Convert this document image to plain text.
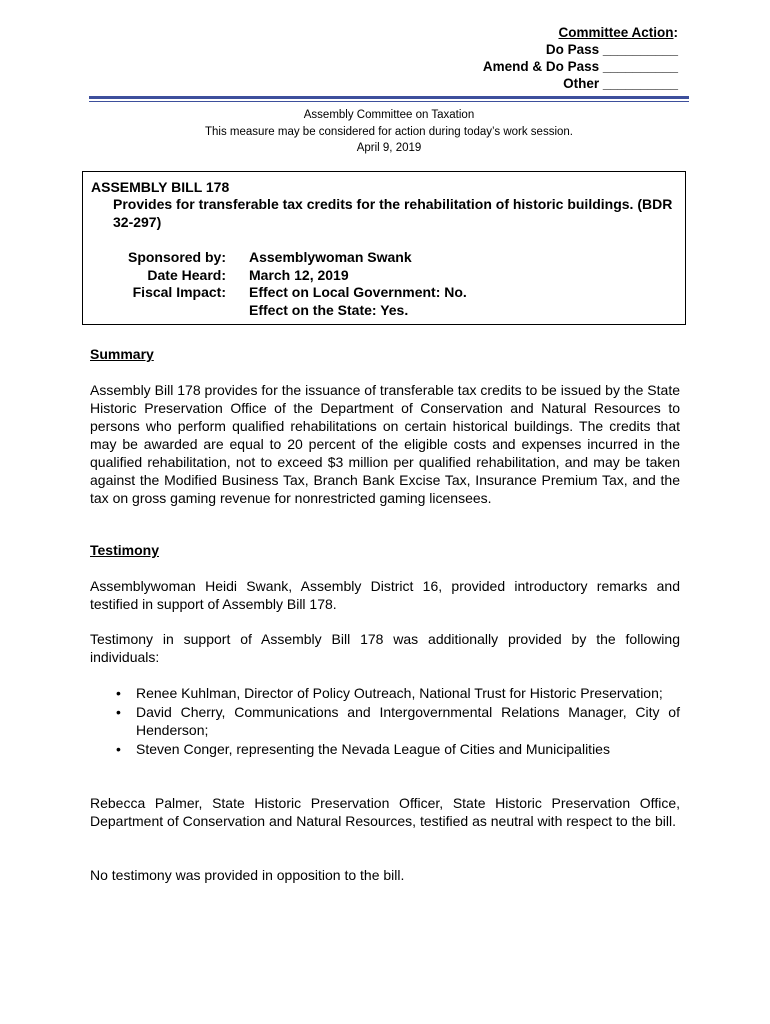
Committee Action:
Do Pass __________
Amend & Do Pass __________
Other __________
Assembly Committee on Taxation
This measure may be considered for action during today’s work session.
April 9, 2019
ASSEMBLY BILL 178
Provides for transferable tax credits for the rehabilitation of historic buildings. (BDR 32-297)
Sponsored by: Assemblywoman Swank
Date Heard: March 12, 2019
Fiscal Impact: Effect on Local Government: No.
Effect on the State: Yes.
Summary
Assembly Bill 178 provides for the issuance of transferable tax credits to be issued by the State Historic Preservation Office of the Department of Conservation and Natural Resources to persons who perform qualified rehabilitations on certain historical buildings. The credits that may be awarded are equal to 20 percent of the eligible costs and expenses incurred in the qualified rehabilitation, not to exceed $3 million per qualified rehabilitation, and may be taken against the Modified Business Tax, Branch Bank Excise Tax, Insurance Premium Tax, and the tax on gross gaming revenue for nonrestricted gaming licensees.
Testimony
Assemblywoman Heidi Swank, Assembly District 16, provided introductory remarks and testified in support of Assembly Bill 178.
Testimony in support of Assembly Bill 178 was additionally provided by the following individuals:
• Renee Kuhlman, Director of Policy Outreach, National Trust for Historic Preservation;
• David Cherry, Communications and Intergovernmental Relations Manager, City of Henderson;
• Steven Conger, representing the Nevada League of Cities and Municipalities
Rebecca Palmer, State Historic Preservation Officer, State Historic Preservation Office, Department of Conservation and Natural Resources, testified as neutral with respect to the bill.
No testimony was provided in opposition to the bill.
